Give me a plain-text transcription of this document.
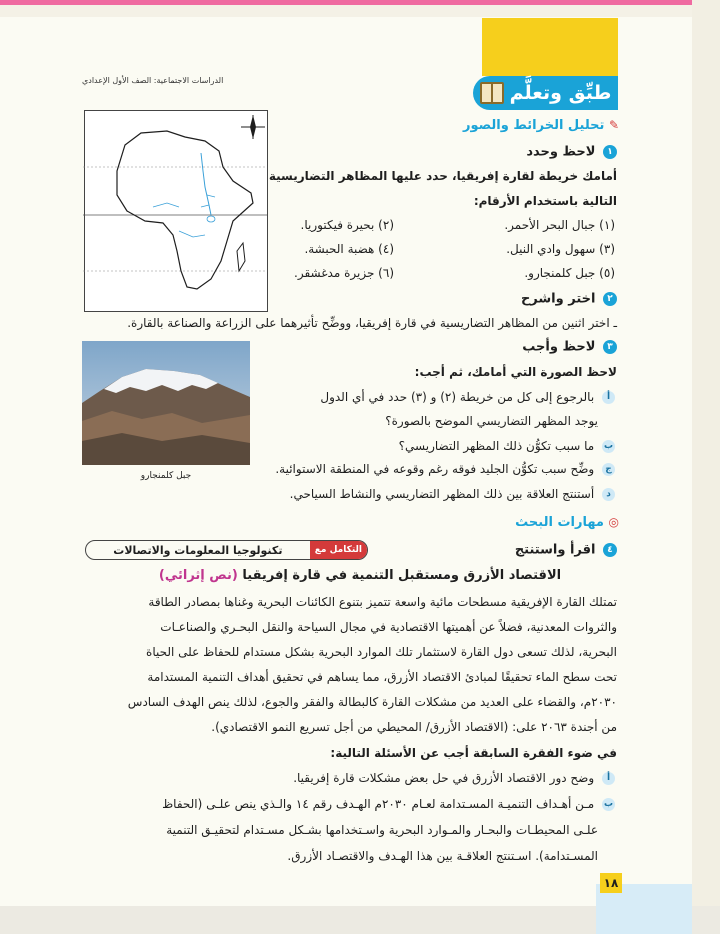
طبِّق وتعلَّم
الدراسات الاجتماعية: الصف الأول الإعدادي
✎ تحليل الخرائط والصور
١ لاحظ وحدد
أمامك خريطة لقارة إفريقيا، حدد عليها المظاهر التضاريسية
التالية باستخدام الأرقام:
(١) جبال البحر الأحمر.
(٢) بحيرة فيكتوريا.
(٣) سهول وادي النيل.
(٤) هضبة الحبشة.
(٥) جبل كلمنجارو.
(٦) جزيرة مدغشقر.
٢ اختر واشرح
ـ اختر اثنين من المظاهر التضاريسية في قارة إفريقيا، ووضِّح تأثيرهما على الزراعة والصناعة بالقارة.
٣ لاحظ وأجب
لاحظ الصورة التي أمامك، ثم أجب:
أ بالرجوع إلى كل من خريطة (٢) و (٣) حدد في أي الدول
يوجد المظهر التضاريسي الموضح بالصورة؟
ب ما سبب تكوُّن ذلك المظهر التضاريسي؟
ج وضِّح سبب تكوُّن الجليد فوقه رغم وقوعه في المنطقة الاستوائية.
د أستنتج العلاقة بين ذلك المظهر التضاريسي والنشاط السياحي.
جبل كلمنجارو
◎ مهارات البحث
٤ اقرأ واستنتج
التكامل مع
تكنولوجيا المعلومات والاتصالات
الاقتصاد الأزرق ومستقبل التنمية في قارة إفريقيا (نص إثرائي)
تمتلك القارة الإفريقية مسطحات مائية واسعة تتميز بتنوع الكائنات البحرية وغناها بمصادر الطاقة
والثروات المعدنية، فضلاً عن أهميتها الاقتصادية في مجال السياحة والنقل البحـري والصناعـات
البحرية، لذلك تسعى دول القارة لاستثمار تلك الموارد البحرية بشكل مستدام للحفاظ على الحياة
تحت سطح الماء تحقيقًا لمبادئ الاقتصاد الأزرق، مما يساهم في تحقيق أهداف التنمية المستدامة
٢٠٣٠م، والقضاء على العديد من مشكلات القارة كالبطالة والفقر والجوع، لذلك ينص الهدف السادس
من أجندة ٢٠٦٣ على: (الاقتصاد الأزرق/ المحيطي من أجل تسريع النمو الاقتصادي).
في ضوء الفقرة السابقة أجب عن الأسئلة التالية:
أ وضح دور الاقتصاد الأزرق في حل بعض مشكلات قارة إفريقيا.
ب مـن أهـداف التنميـة المسـتدامة لعـام ٢٠٣٠م الهـدف رقم ١٤ والـذي ينص علـى (الحفاظ
علـى المحيطـات والبحـار والمـوارد البحرية واسـتخدامها بشـكل مسـتدام لتحقيـق التنمية
المسـتدامة). اسـتنتج العلاقـة بين هذا الهـدف والاقتصـاد الأزرق.
١٨
